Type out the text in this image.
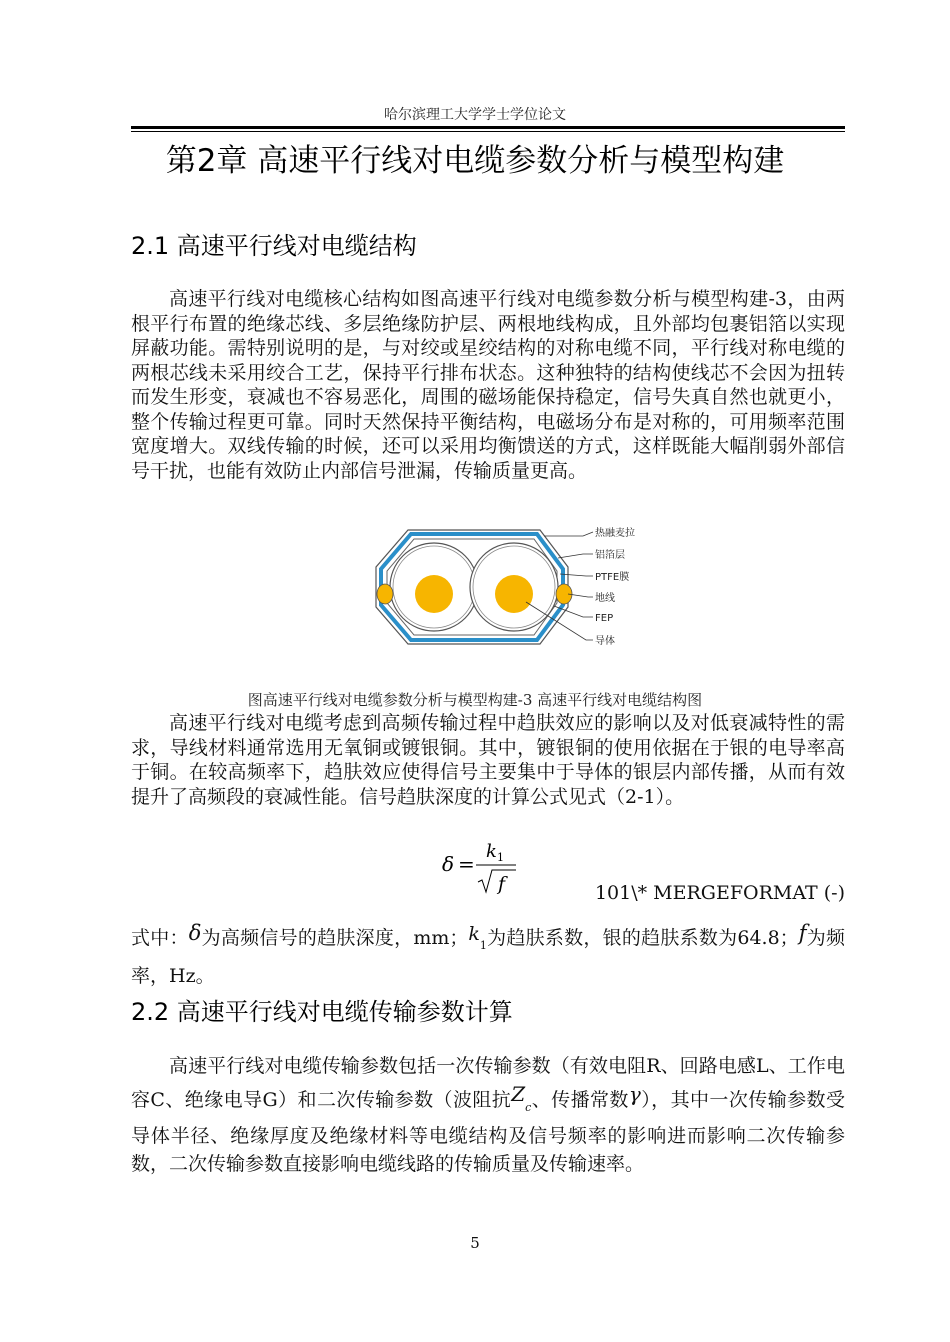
哈尔滨理工大学学士学位论文
第2章 高速平行线对电缆参数分析与模型构建
2.1 高速平行线对电缆结构

高速平行线对电缆核心结构如图高速平行线对电缆参数分析与模型构建-3，由两根平行布置的绝缘芯线、多层绝缘防护层、两根地线构成，且外部均包裹铝箔以实现屏蔽功能。需特别说明的是，与对绞或星绞结构的对称电缆不同，平行线对称电缆的两根芯线未采用绞合工艺，保持平行排布状态。这种独特的结构使线芯不会因为扭转而发生形变，衰减也不容易恶化，周围的磁场能保持稳定，信号失真自然也就更小，整个传输过程更可靠。同时天然保持平衡结构，电磁场分布是对称的，可用频率范围宽度增大。双线传输的时候，还可以采用均衡馈送的方式，这样既能大幅削弱外部信号干扰，也能有效防止内部信号泄漏，传输质量更高。

热融麦拉
铝箔层
PTFE膜
地线
FEP
导体
图高速平行线对电缆参数分析与模型构建-3 高速平行线对电缆结构图

高速平行线对电缆考虑到高频传输过程中趋肤效应的影响以及对低衰减特性的需求，导线材料通常选用无氧铜或镀银铜。其中，镀银铜的使用依据在于银的电导率高于铜。在较高频率下，趋肤效应使得信号主要集中于导体的银层内部传播，从而有效提升了高频段的衰减性能。信号趋肤深度的计算公式见式（2-1）。

δ =
k 1
f	101\* MERGEFORMAT (-)

式中：δ为高频信号的趋肤深度，mm；$k_1$为趋肤系数，银的趋肤系数为64.8；f为频率，Hz。

2.2 高速平行线对电缆传输参数计算

高速平行线对电缆传输参数包括一次传输参数（有效电阻R、回路电感L、工作电容C、绝缘电导G）和二次传输参数（波阻抗$Z_c$、传播常数γ），其中一次传输参数受导体半径、绝缘厚度及绝缘材料等电缆结构及信号频率的影响进而影响二次传输参数，二次传输参数直接影响电缆线路的传输质量及传输速率。

5
